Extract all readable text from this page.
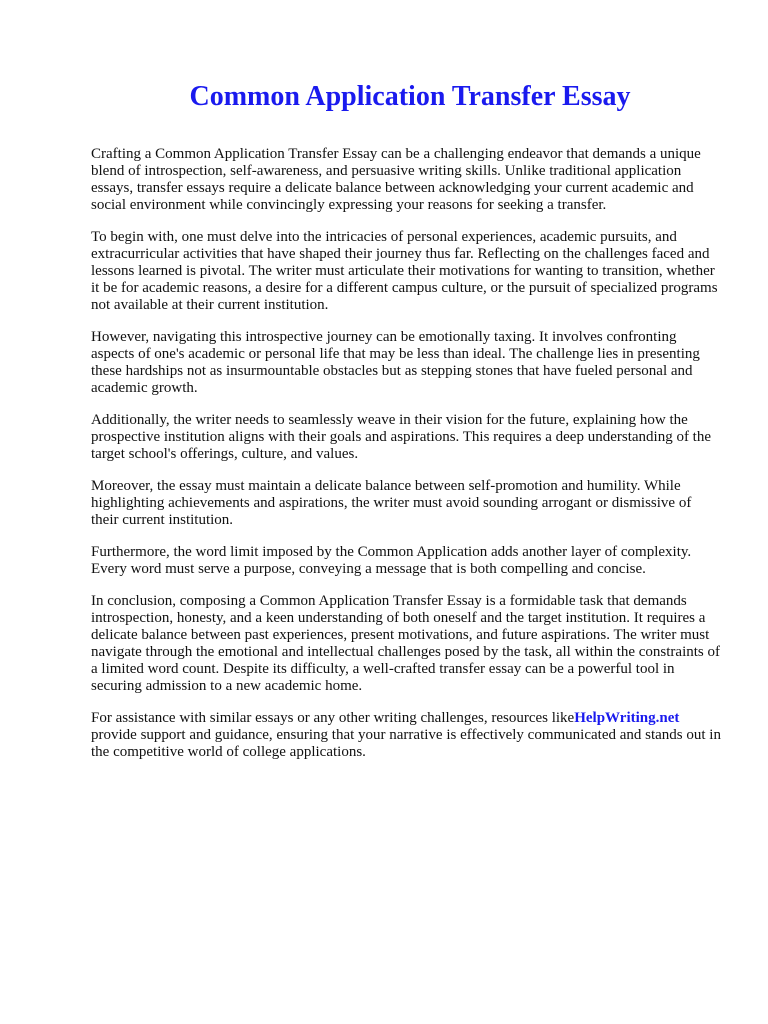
Common Application Transfer Essay

Crafting a Common Application Transfer Essay can be a challenging endeavor that demands a unique blend of introspection, self-awareness, and persuasive writing skills. Unlike traditional application essays, transfer essays require a delicate balance between acknowledging your current academic and social environment while convincingly expressing your reasons for seeking a transfer.

To begin with, one must delve into the intricacies of personal experiences, academic pursuits, and extracurricular activities that have shaped their journey thus far. Reflecting on the challenges faced and lessons learned is pivotal. The writer must articulate their motivations for wanting to transition, whether it be for academic reasons, a desire for a different campus culture, or the pursuit of specialized programs not available at their current institution.

However, navigating this introspective journey can be emotionally taxing. It involves confronting aspects of one's academic or personal life that may be less than ideal. The challenge lies in presenting these hardships not as insurmountable obstacles but as stepping stones that have fueled personal and academic growth.

Additionally, the writer needs to seamlessly weave in their vision for the future, explaining how the prospective institution aligns with their goals and aspirations. This requires a deep understanding of the target school's offerings, culture, and values.

Moreover, the essay must maintain a delicate balance between self-promotion and humility. While highlighting achievements and aspirations, the writer must avoid sounding arrogant or dismissive of their current institution.

Furthermore, the word limit imposed by the Common Application adds another layer of complexity. Every word must serve a purpose, conveying a message that is both compelling and concise.

In conclusion, composing a Common Application Transfer Essay is a formidable task that demands introspection, honesty, and a keen understanding of both oneself and the target institution. It requires a delicate balance between past experiences, present motivations, and future aspirations. The writer must navigate through the emotional and intellectual challenges posed by the task, all within the constraints of a limited word count. Despite its difficulty, a well-crafted transfer essay can be a powerful tool in securing admission to a new academic home.

For assistance with similar essays or any other writing challenges, resources likeHelpWriting.net provide support and guidance, ensuring that your narrative is effectively communicated and stands out in the competitive world of college applications.
